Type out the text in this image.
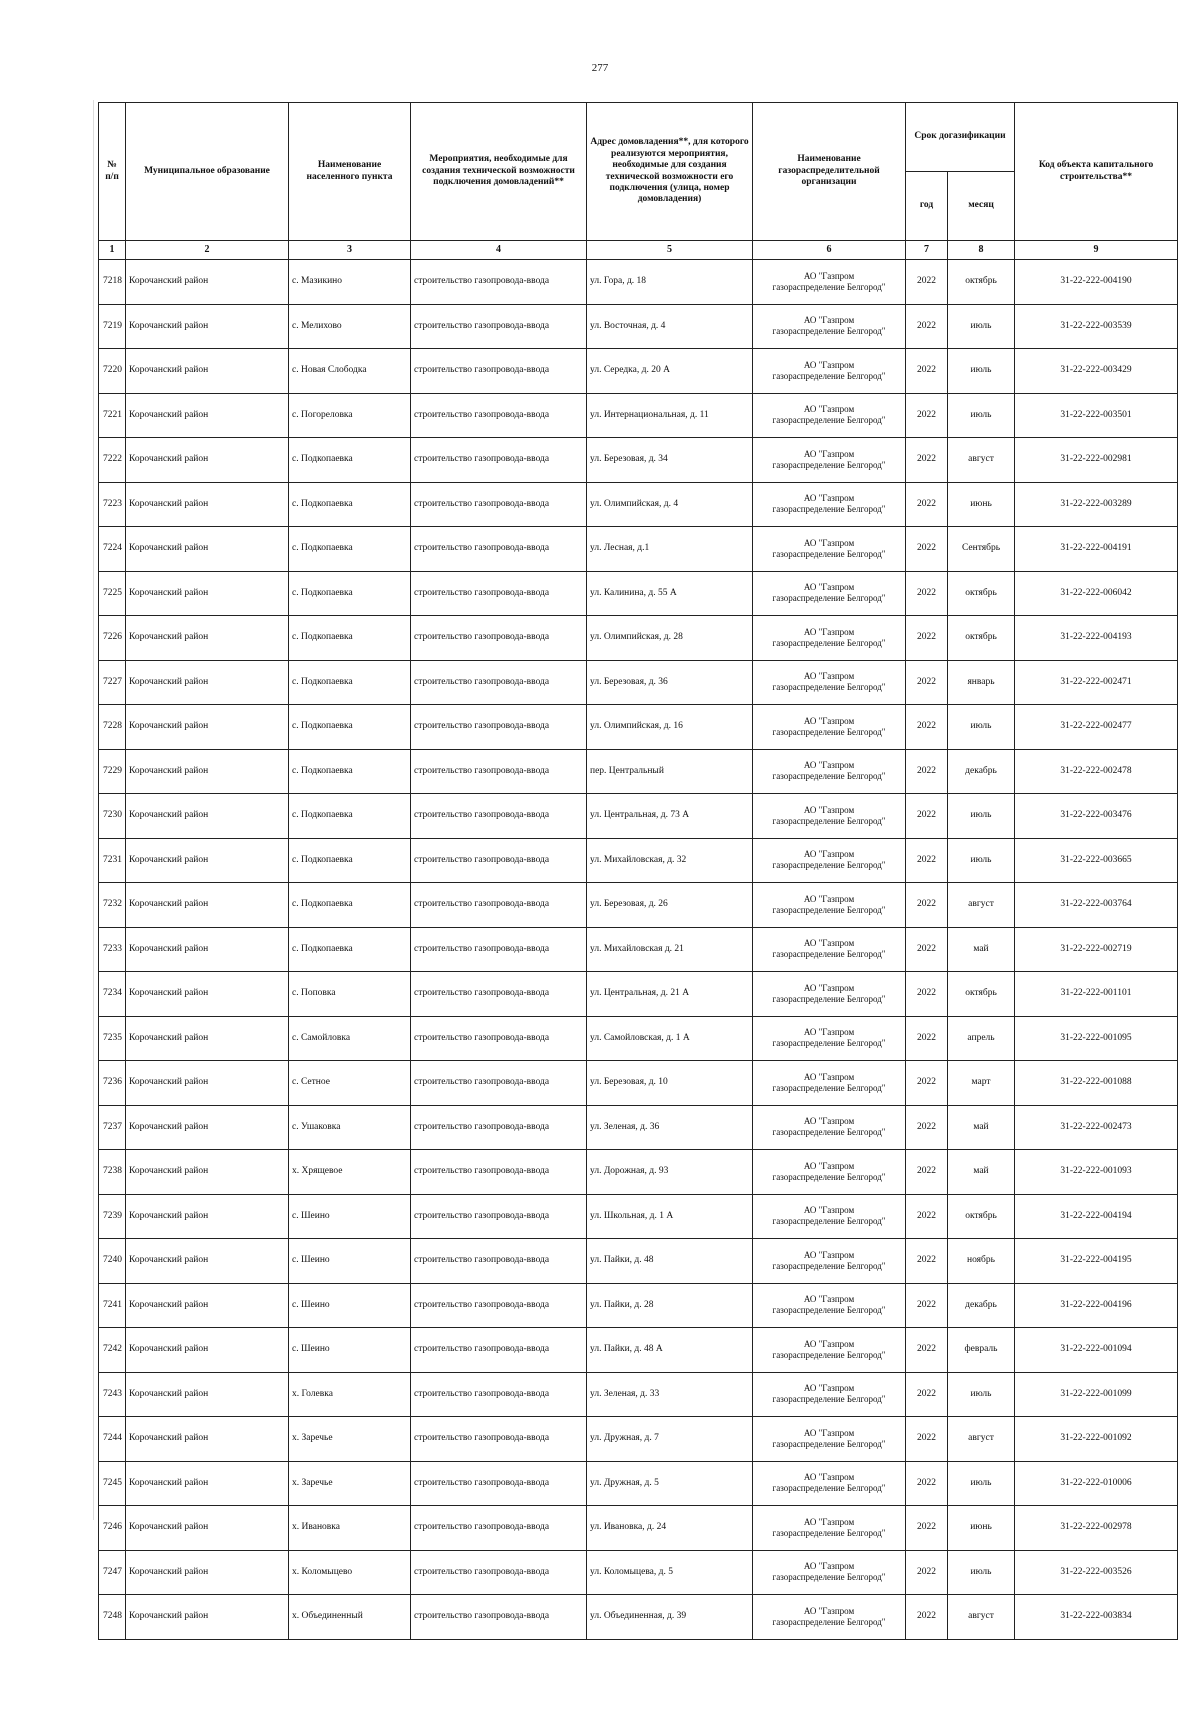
277
№ п/п	Муниципальное образование	Наименование населенного пункта	Мероприятия, необходимые для создания технической возможности подключения домовладений**	Адрес домовладения**, для которого реализуются мероприятия, необходимые для создания технической возможности его подключения (улица, номер домовладения)	Наименование газораспределительной организации	Срок догазификации		Код объекта капитального строительства**
						год	месяц	
1	2	3	4	5	6	7	8	9
7218	Корочанский район	с. Мазикино	строительство газопровода-ввода	ул. Гора, д. 18	АО "Газпром
газораспределение Белгород"	2022	октябрь	31-22-222-004190
7219	Корочанский район	с. Мелихово	строительство газопровода-ввода	ул. Восточная, д. 4	АО "Газпром
газораспределение Белгород"	2022	июль	31-22-222-003539
7220	Корочанский район	с. Новая Слободка	строительство газопровода-ввода	ул. Середка, д. 20 А	АО "Газпром
газораспределение Белгород"	2022	июль	31-22-222-003429
7221	Корочанский район	с. Погореловка	строительство газопровода-ввода	ул. Интернациональная, д. 11	АО "Газпром
газораспределение Белгород"	2022	июль	31-22-222-003501
7222	Корочанский район	с. Подкопаевка	строительство газопровода-ввода	ул. Березовая, д. 34	АО "Газпром
газораспределение Белгород"	2022	август	31-22-222-002981
7223	Корочанский район	с. Подкопаевка	строительство газопровода-ввода	ул. Олимпийская, д. 4	АО "Газпром
газораспределение Белгород"	2022	июнь	31-22-222-003289
7224	Корочанский район	с. Подкопаевка	строительство газопровода-ввода	ул. Лесная, д.1	АО "Газпром
газораспределение Белгород"	2022	Сентябрь	31-22-222-004191
7225	Корочанский район	с. Подкопаевка	строительство газопровода-ввода	ул. Калинина, д. 55 А	АО "Газпром
газораспределение Белгород"	2022	октябрь	31-22-222-006042
7226	Корочанский район	с. Подкопаевка	строительство газопровода-ввода	ул. Олимпийская, д. 28	АО "Газпром
газораспределение Белгород"	2022	октябрь	31-22-222-004193
7227	Корочанский район	с. Подкопаевка	строительство газопровода-ввода	ул. Березовая, д. 36	АО "Газпром
газораспределение Белгород"	2022	январь	31-22-222-002471
7228	Корочанский район	с. Подкопаевка	строительство газопровода-ввода	ул. Олимпийская, д. 16	АО "Газпром
газораспределение Белгород"	2022	июль	31-22-222-002477
7229	Корочанский район	с. Подкопаевка	строительство газопровода-ввода	пер. Центральный	АО "Газпром
газораспределение Белгород"	2022	декабрь	31-22-222-002478
7230	Корочанский район	с. Подкопаевка	строительство газопровода-ввода	ул. Центральная, д. 73 А	АО "Газпром
газораспределение Белгород"	2022	июль	31-22-222-003476
7231	Корочанский район	с. Подкопаевка	строительство газопровода-ввода	ул. Михайловская, д. 32	АО "Газпром
газораспределение Белгород"	2022	июль	31-22-222-003665
7232	Корочанский район	с. Подкопаевка	строительство газопровода-ввода	ул. Березовая, д. 26	АО "Газпром
газораспределение Белгород"	2022	август	31-22-222-003764
7233	Корочанский район	с. Подкопаевка	строительство газопровода-ввода	ул. Михайловская д. 21	АО "Газпром
газораспределение Белгород"	2022	май	31-22-222-002719
7234	Корочанский район	с. Поповка	строительство газопровода-ввода	ул. Центральная, д. 21 А	АО "Газпром
газораспределение Белгород"	2022	октябрь	31-22-222-001101
7235	Корочанский район	с. Самойловка	строительство газопровода-ввода	ул. Самойловская, д. 1 А	АО "Газпром
газораспределение Белгород"	2022	апрель	31-22-222-001095
7236	Корочанский район	с. Сетное	строительство газопровода-ввода	ул. Березовая, д. 10	АО "Газпром
газораспределение Белгород"	2022	март	31-22-222-001088
7237	Корочанский район	с. Ушаковка	строительство газопровода-ввода	ул. Зеленая, д. 36	АО "Газпром
газораспределение Белгород"	2022	май	31-22-222-002473
7238	Корочанский район	х. Хрящевое	строительство газопровода-ввода	ул. Дорожная, д. 93	АО "Газпром
газораспределение Белгород"	2022	май	31-22-222-001093
7239	Корочанский район	с. Шеино	строительство газопровода-ввода	ул. Школьная, д. 1 А	АО "Газпром
газораспределение Белгород"	2022	октябрь	31-22-222-004194
7240	Корочанский район	с. Шеино	строительство газопровода-ввода	ул. Пайки, д. 48	АО "Газпром
газораспределение Белгород"	2022	ноябрь	31-22-222-004195
7241	Корочанский район	с. Шеино	строительство газопровода-ввода	ул. Пайки, д. 28	АО "Газпром
газораспределение Белгород"	2022	декабрь	31-22-222-004196
7242	Корочанский район	с. Шеино	строительство газопровода-ввода	ул. Пайки, д. 48 А	АО "Газпром
газораспределение Белгород"	2022	февраль	31-22-222-001094
7243	Корочанский район	х. Голевка	строительство газопровода-ввода	ул. Зеленая, д. 33	АО "Газпром
газораспределение Белгород"	2022	июль	31-22-222-001099
7244	Корочанский район	х. Заречье	строительство газопровода-ввода	ул. Дружная, д. 7	АО "Газпром
газораспределение Белгород"	2022	август	31-22-222-001092
7245	Корочанский район	х. Заречье	строительство газопровода-ввода	ул. Дружная, д. 5	АО "Газпром
газораспределение Белгород"	2022	июль	31-22-222-010006
7246	Корочанский район	х. Ивановка	строительство газопровода-ввода	ул. Ивановка, д. 24	АО "Газпром
газораспределение Белгород"	2022	июнь	31-22-222-002978
7247	Корочанский район	х. Коломыцево	строительство газопровода-ввода	ул. Коломыцева, д. 5	АО "Газпром
газораспределение Белгород"	2022	июль	31-22-222-003526
7248	Корочанский район	х. Объединенный	строительство газопровода-ввода	ул. Объединенная, д. 39	АО "Газпром
газораспределение Белгород"	2022	август	31-22-222-003834
